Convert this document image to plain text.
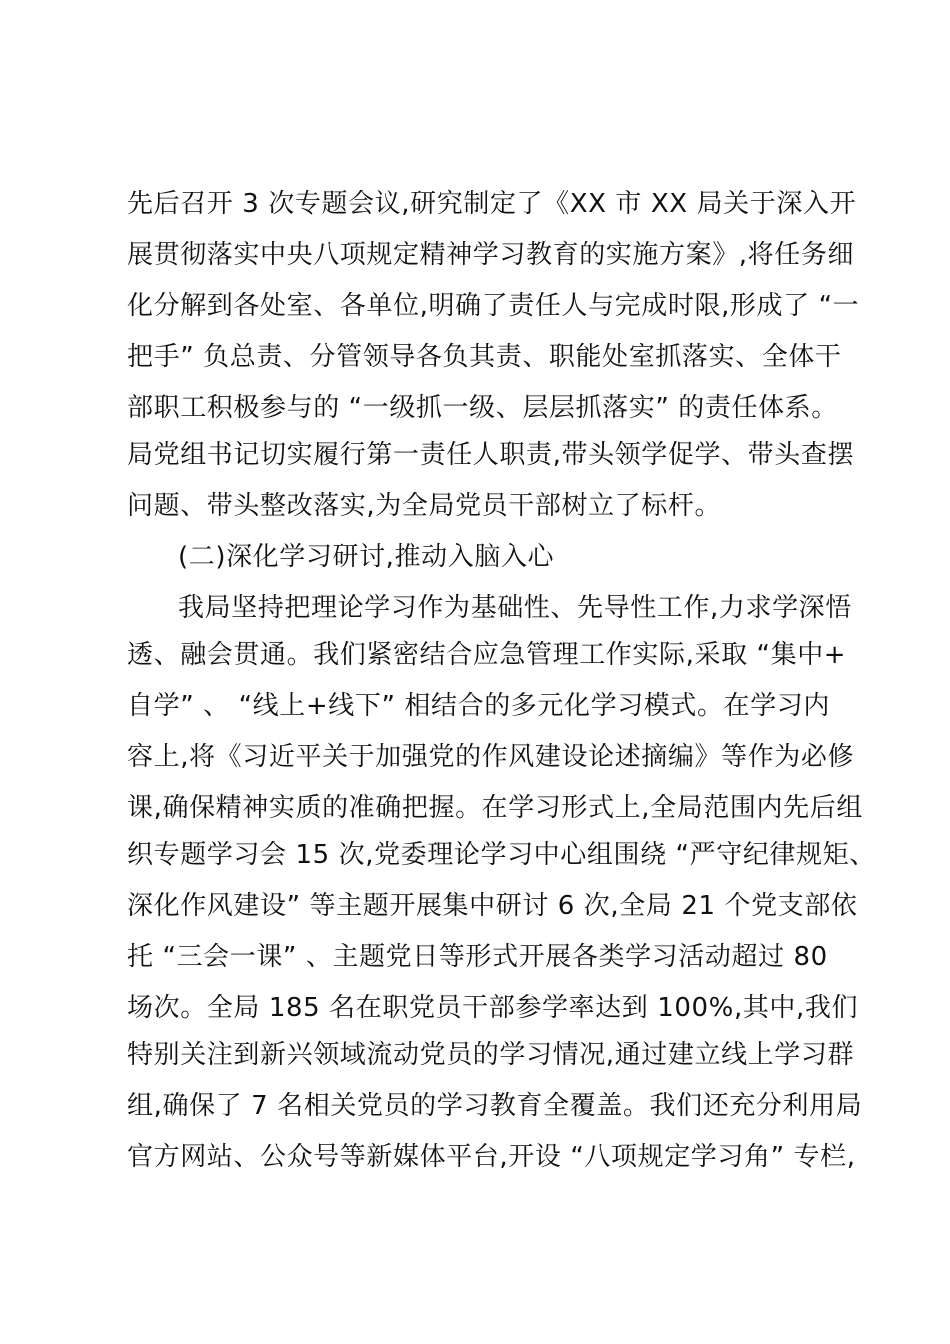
先后召开 3 次专题会议,研究制定了《XX 市 XX 局关于深入开
展贯彻落实中央八项规定精神学习教育的实施方案》,将任务细
化分解到各处室、各单位,明确了责任人与完成时限,形成了 “一
把手” 负总责、分管领导各负其责、职能处室抓落实、全体干
部职工积极参与的 “一级抓一级、层层抓落实” 的责任体系。
局党组书记切实履行第一责任人职责,带头领学促学、带头查摆
问题、带头整改落实,为全局党员干部树立了标杆。
(二)深化学习研讨,推动入脑入心
我局坚持把理论学习作为基础性、先导性工作,力求学深悟
透、融会贯通。我们紧密结合应急管理工作实际,采取 “集中+
自学” 、 “线上+线下” 相结合的多元化学习模式。在学习内
容上,将《习近平关于加强党的作风建设论述摘编》等作为必修
课,确保精神实质的准确把握。在学习形式上,全局范围内先后组
织专题学习会 15 次,党委理论学习中心组围绕 “严守纪律规矩、
深化作风建设” 等主题开展集中研讨 6 次,全局 21 个党支部依
托 “三会一课” 、主题党日等形式开展各类学习活动超过 80
场次。全局 185 名在职党员干部参学率达到 100%,其中,我们
特别关注到新兴领域流动党员的学习情况,通过建立线上学习群
组,确保了 7 名相关党员的学习教育全覆盖。我们还充分利用局
官方网站、公众号等新媒体平台,开设 “八项规定学习角” 专栏,
